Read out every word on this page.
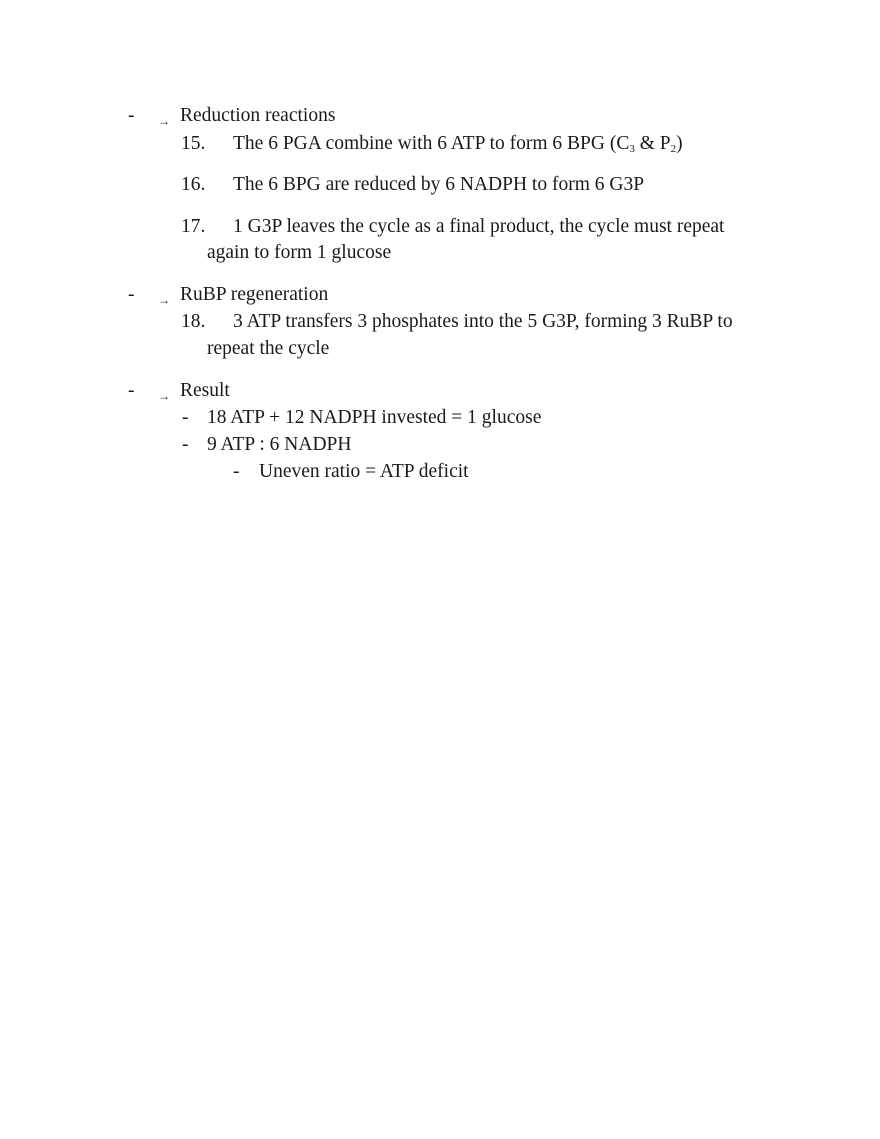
- → Reduction reactions
15. The 6 PGA combine with 6 ATP to form 6 BPG ($C_3$ & $P_2$)
16. The 6 BPG are reduced by 6 NADPH to form 6 G3P
17. 1 G3P leaves the cycle as a final product, the cycle must repeat
again to form 1 glucose
- → RuBP regeneration
18. 3 ATP transfers 3 phosphates into the 5 G3P, forming 3 RuBP to
repeat the cycle
- → Result
- 18 ATP + 12 NADPH invested = 1 glucose
- 9 ATP : 6 NADPH
- Uneven ratio = ATP deficit
